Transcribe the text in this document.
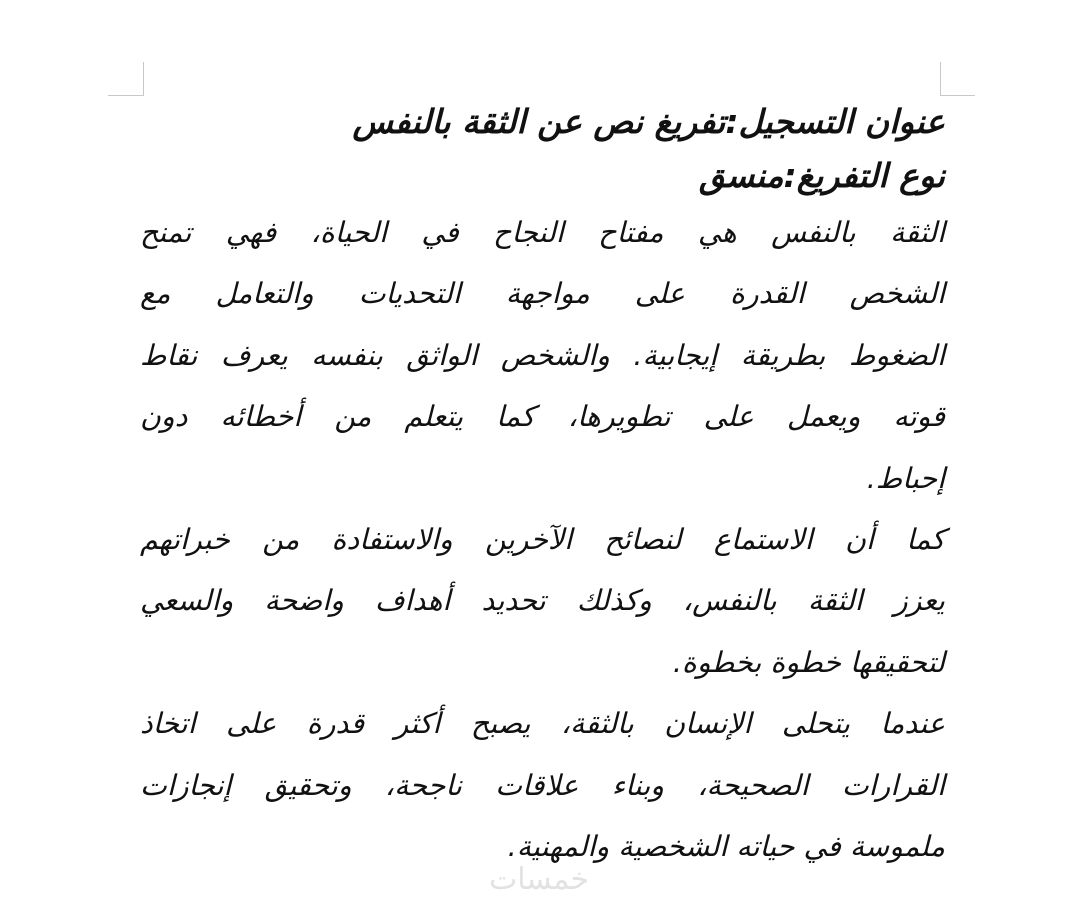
عنوان التسجيل:تفريغ نص عن الثقة بالنفس
نوع التفريغ:منسق
الثقة بالنفس هي مفتاح النجاح في الحياة، فهي تمنح
الشخص القدرة على مواجهة التحديات والتعامل مع
الضغوط بطريقة إيجابية. والشخص الواثق بنفسه يعرف نقاط
قوته ويعمل على تطويرها، كما يتعلم من أخطائه دون
إحباط.
كما أن الاستماع لنصائح الآخرين والاستفادة من خبراتهم
يعزز الثقة بالنفس، وكذلك تحديد أهداف واضحة والسعي
لتحقيقها خطوة بخطوة.
عندما يتحلى الإنسان بالثقة، يصبح أكثر قدرة على اتخاذ
القرارات الصحيحة، وبناء علاقات ناجحة، وتحقيق إنجازات
ملموسة في حياته الشخصية والمهنية.
خمسات
